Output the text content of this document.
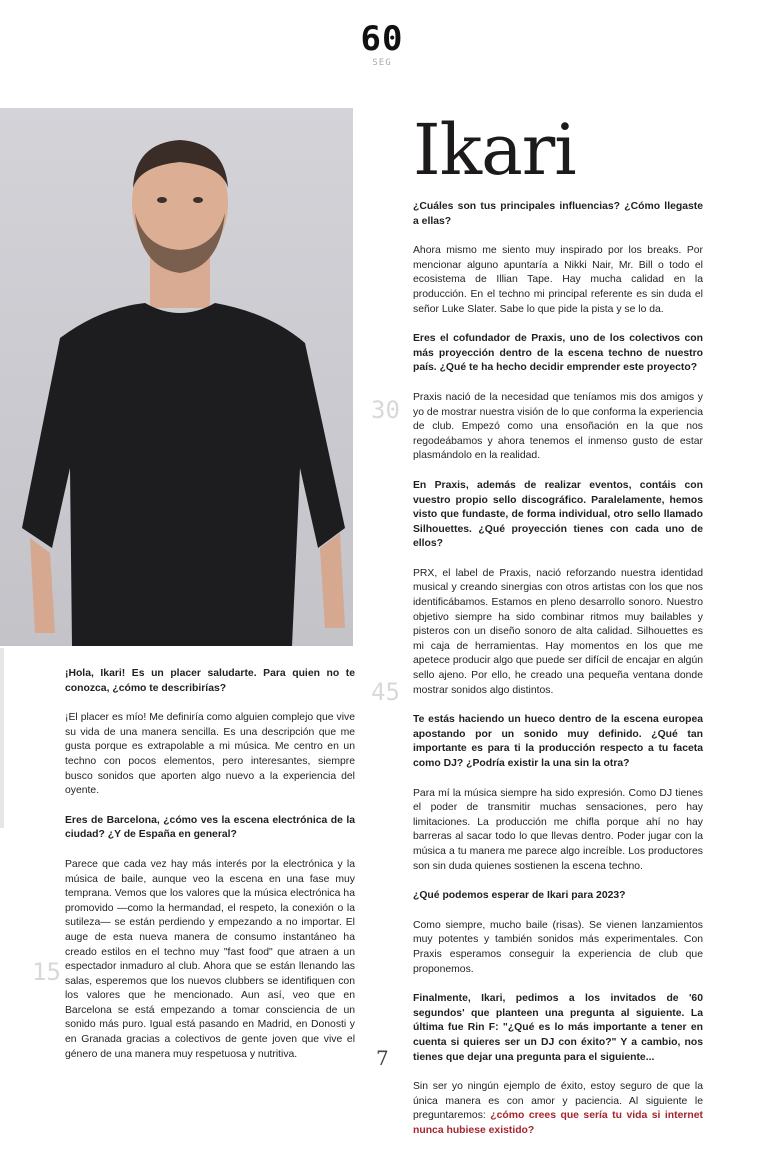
60
SEG
Ikari
30
45
15

¡Hola, Ikari! Es un placer saludarte. Para quien no te conozca, ¿cómo te describirías?

¡El placer es mío! Me definiría como alguien complejo que vive su vida de una manera sencilla. Es una descripción que me gusta porque es extrapolable a mi música. Me centro en un techno con pocos elementos, pero interesantes, siempre busco sonidos que aporten algo nuevo a la experiencia del oyente.

Eres de Barcelona, ¿cómo ves la escena electrónica de la ciudad? ¿Y de España en general?

Parece que cada vez hay más interés por la electrónica y la música de baile, aunque veo la escena en una fase muy temprana. Vemos que los valores que la música electrónica ha promovido —como la hermandad, el respeto, la conexión o la sutileza— se están perdiendo y empezando a no importar. El auge de esta nueva manera de consumo instantáneo ha creado estilos en el techno muy "fast food" que atraen a un espectador inmaduro al club. Ahora que se están llenando las salas, esperemos que los nuevos clubbers se identifiquen con los valores que he mencionado. Aun así, veo que en Barcelona se está empezando a tomar consciencia de un sonido más puro. Igual está pasando en Madrid, en Donosti y en Granada gracias a colectivos de gente joven que vive el género de una manera muy respetuosa y nutritiva.

¿Cuáles son tus principales influencias? ¿Cómo llegaste a ellas?

Ahora mismo me siento muy inspirado por los breaks. Por mencionar alguno apuntaría a Nikki Nair, Mr. Bill o todo el ecosistema de Illian Tape. Hay mucha calidad en la producción. En el techno mi principal referente es sin duda el señor Luke Slater. Sabe lo que pide la pista y se lo da.

Eres el cofundador de Praxis, uno de los colectivos con más proyección dentro de la escena techno de nuestro país. ¿Qué te ha hecho decidir emprender este proyecto?

Praxis nació de la necesidad que teníamos mis dos amigos y yo de mostrar nuestra visión de lo que conforma la experiencia de club. Empezó como una ensoñación en la que nos regodeábamos y ahora tenemos el inmenso gusto de estar plasmándolo en la realidad.

En Praxis, además de realizar eventos, contáis con vuestro propio sello discográfico. Paralelamente, hemos visto que fundaste, de forma individual, otro sello llamado Silhouettes. ¿Qué proyección tienes con cada uno de ellos?

PRX, el label de Praxis, nació reforzando nuestra identidad musical y creando sinergias con otros artistas con los que nos identificábamos. Estamos en pleno desarrollo sonoro. Nuestro objetivo siempre ha sido combinar ritmos muy bailables y pisteros con un diseño sonoro de alta calidad. Silhouettes es mi caja de herramientas. Hay momentos en los que me apetece producir algo que puede ser difícil de encajar en algún sello ajeno. Por ello, he creado una pequeña ventana donde mostrar sonidos algo distintos.

Te estás haciendo un hueco dentro de la escena europea apostando por un sonido muy definido. ¿Qué tan importante es para ti la producción respecto a tu faceta como DJ? ¿Podría existir la una sin la otra?

Para mí la música siempre ha sido expresión. Como DJ tienes el poder de transmitir muchas sensaciones, pero hay limitaciones. La producción me chifla porque ahí no hay barreras al sacar todo lo que llevas dentro. Poder jugar con la música a tu manera me parece algo increíble. Los productores son sin duda quienes sostienen la escena techno.

¿Qué podemos esperar de Ikari para 2023?

Como siempre, mucho baile (risas). Se vienen lanzamientos muy potentes y también sonidos más experimentales. Con Praxis esperamos conseguir la experiencia de club que proponemos.

Finalmente, Ikari, pedimos a los invitados de '60 segundos' que planteen una pregunta al siguiente. La última fue Rin F: "¿Qué es lo más importante a tener en cuenta si quieres ser un DJ con éxito?" Y a cambio, nos tienes que dejar una pregunta para el siguiente...

Sin ser yo ningún ejemplo de éxito, estoy seguro de que la única manera es con amor y paciencia. Al siguiente le preguntaremos: ¿cómo crees que sería tu vida si internet nunca hubiese existido?

7
